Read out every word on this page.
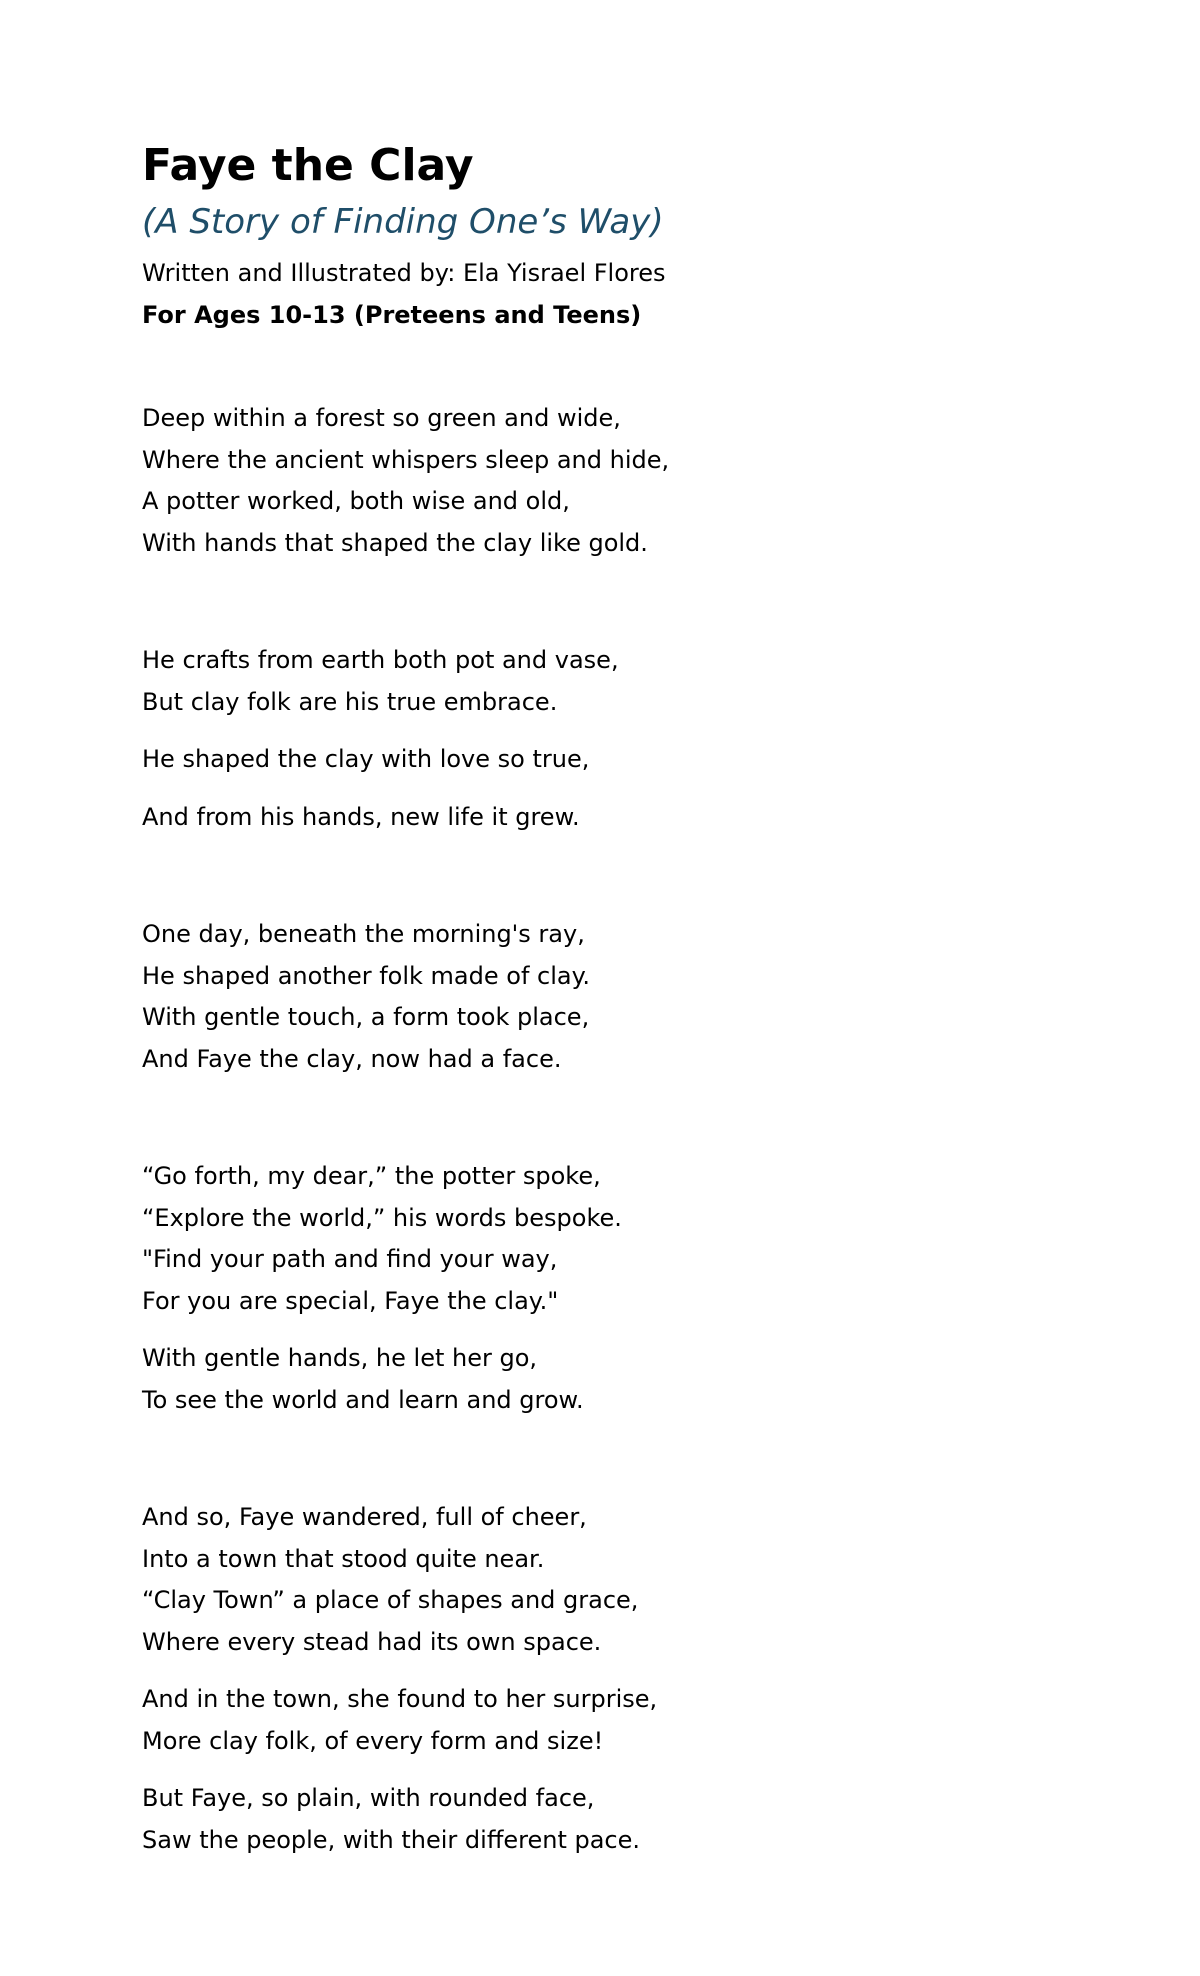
Faye the Clay
(A Story of Finding One’s Way)
Written and Illustrated by: Ela Yisrael Flores
For Ages 10-13 (Preteens and Teens)
Deep within a forest so green and wide,
Where the ancient whispers sleep and hide,
A potter worked, both wise and old,
With hands that shaped the clay like gold.
He crafts from earth both pot and vase,
But clay folk are his true embrace.
He shaped the clay with love so true,
And from his hands, new life it grew.
One day, beneath the morning's ray,
He shaped another folk made of clay.
With gentle touch, a form took place,
And Faye the clay, now had a face.
“Go forth, my dear,” the potter spoke,
“Explore the world,” his words bespoke.
"Find your path and find your way,
For you are special, Faye the clay."
With gentle hands, he let her go,
To see the world and learn and grow.
And so, Faye wandered, full of cheer,
Into a town that stood quite near.
“Clay Town” a place of shapes and grace,
Where every stead had its own space.
And in the town, she found to her surprise,
More clay folk, of every form and size!
But Faye, so plain, with rounded face,
Saw the people, with their different pace.
